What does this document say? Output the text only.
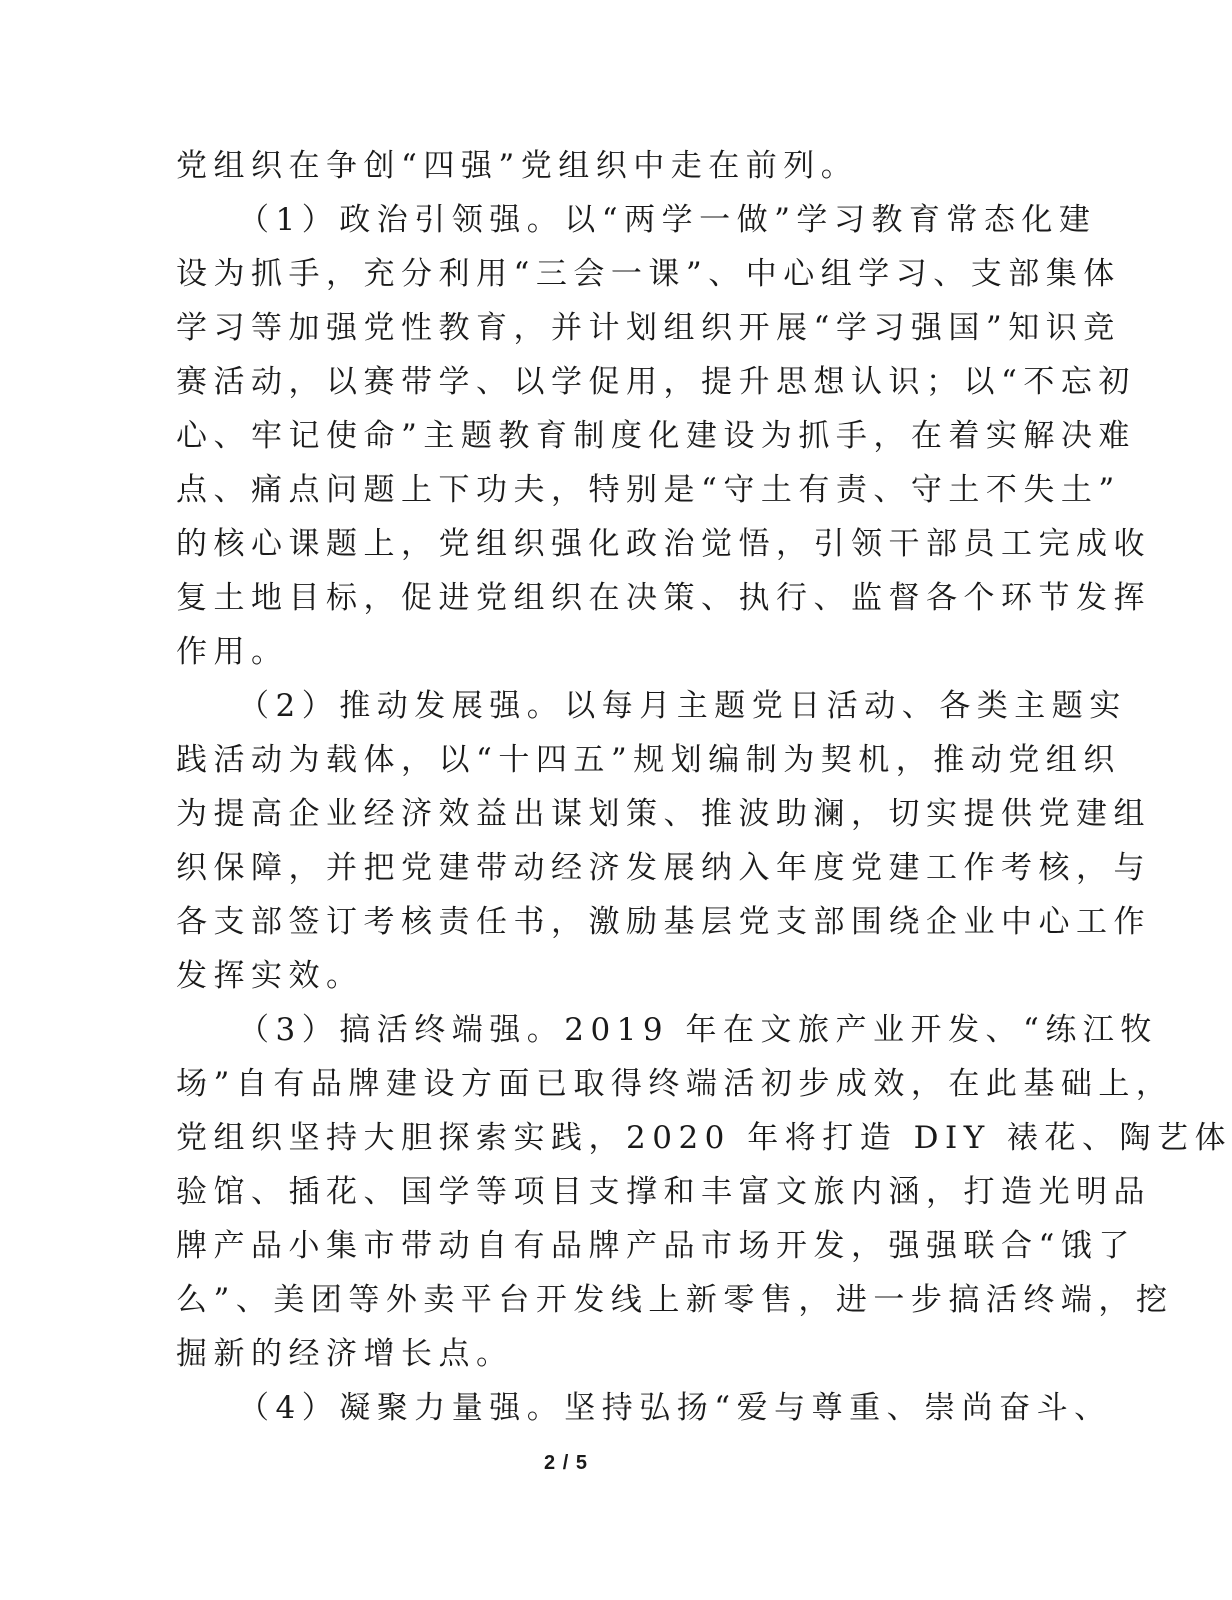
党组织在争创“四强”党组织中走在前列。
（1）政治引领强。以“两学一做”学习教育常态化建
设为抓手，充分利用“三会一课”、中心组学习、支部集体
学习等加强党性教育，并计划组织开展“学习强国”知识竞
赛活动，以赛带学、以学促用，提升思想认识；以“不忘初
心、牢记使命”主题教育制度化建设为抓手，在着实解决难
点、痛点问题上下功夫，特别是“守土有责、守土不失土”
的核心课题上，党组织强化政治觉悟，引领干部员工完成收
复土地目标，促进党组织在决策、执行、监督各个环节发挥
作用。
（2）推动发展强。以每月主题党日活动、各类主题实
践活动为载体，以“十四五”规划编制为契机，推动党组织
为提高企业经济效益出谋划策、推波助澜，切实提供党建组
织保障，并把党建带动经济发展纳入年度党建工作考核，与
各支部签订考核责任书，激励基层党支部围绕企业中心工作
发挥实效。
（3）搞活终端强。2019 年在文旅产业开发、“练江牧
场”自有品牌建设方面已取得终端活初步成效，在此基础上，
党组织坚持大胆探索实践，2020 年将打造 DIY 裱花、陶艺体
验馆、插花、国学等项目支撑和丰富文旅内涵，打造光明品
牌产品小集市带动自有品牌产品市场开发，强强联合“饿了
么”、美团等外卖平台开发线上新零售，进一步搞活终端，挖
掘新的经济增长点。
（4）凝聚力量强。坚持弘扬“爱与尊重、崇尚奋斗、
2 / 5
